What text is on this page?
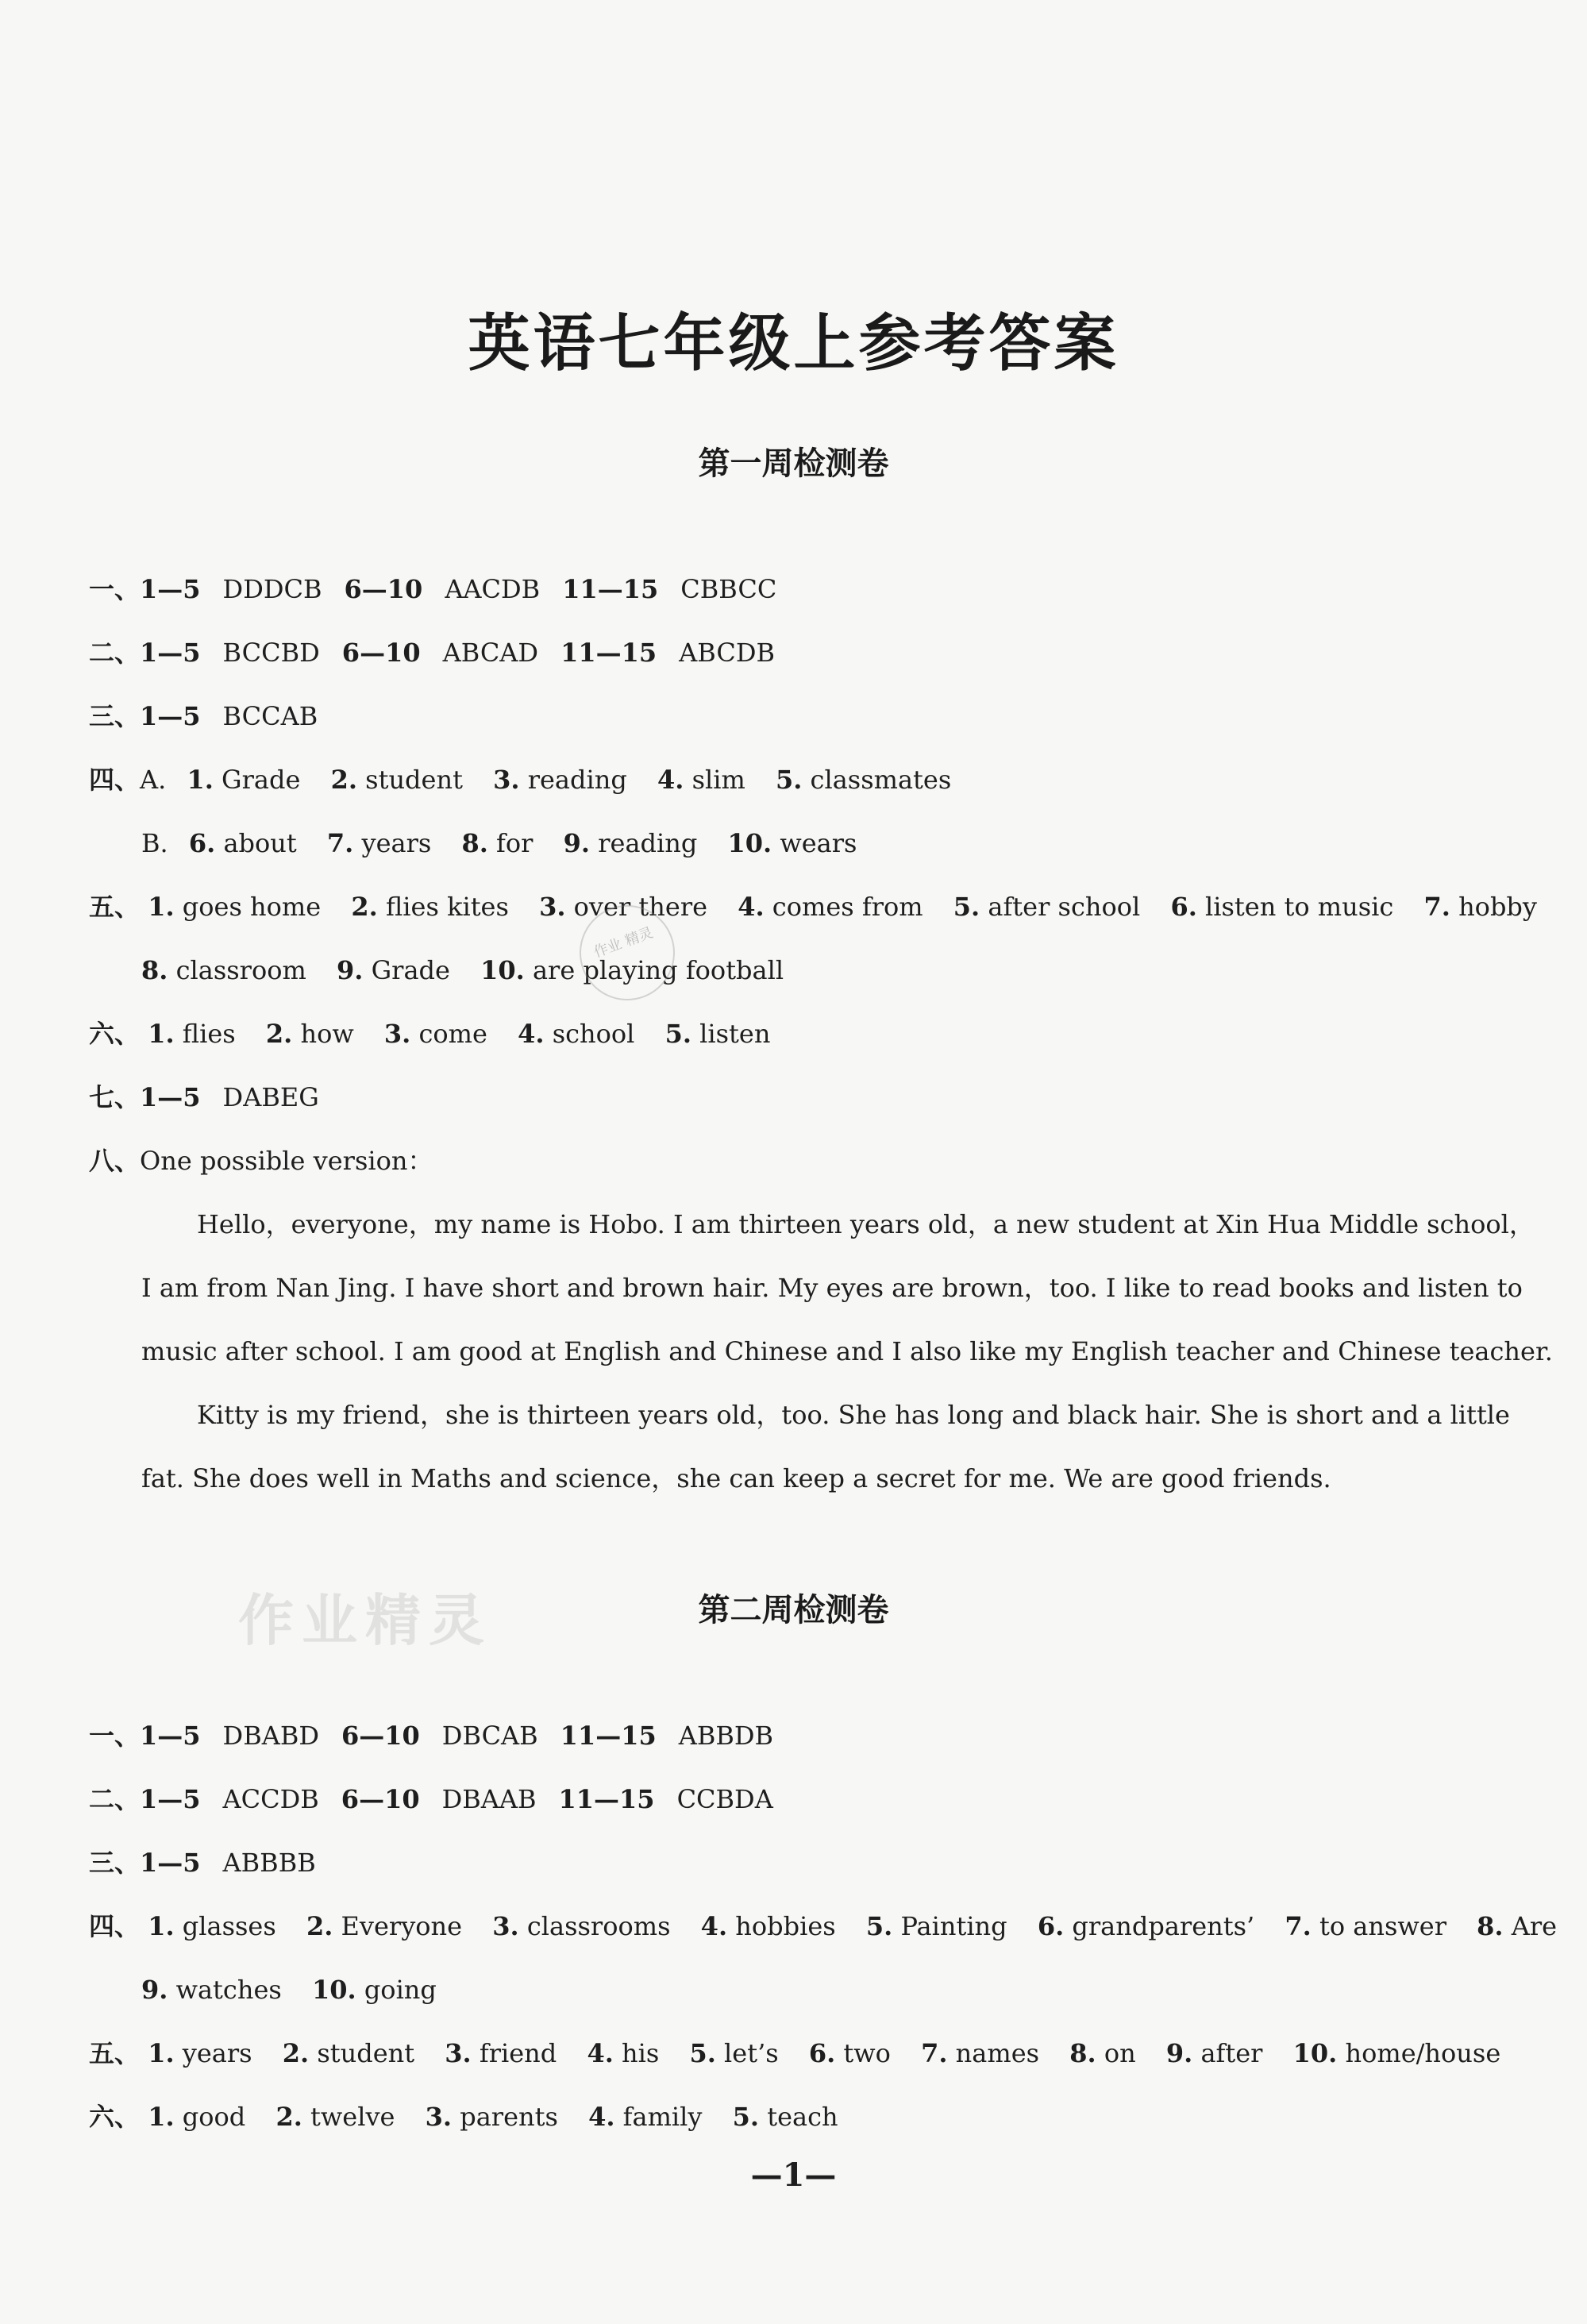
英语七年级上参考答案
第一周检测卷
一、1—5 DDDCB 6—10 AACDB 11—15 CBBCC
二、1—5 BCCBD 6—10 ABCAD 11—15 ABCDB
三、1—5 BCCAB
四、A. 1. Grade 2. student 3. reading 4. slim 5. classmates
B. 6. about 7. years 8. for 9. reading 10. wears
五、 1. goes home 2. flies kites 3. over there 4. comes from 5. after school 6. listen to music 7. hobby
8. classroom 9. Grade 10. are playing football
六、 1. flies 2. how 3. come 4. school 5. listen
七、1—5 DABEG
八、One possible version：
Hello，everyone，my name is Hobo. I am thirteen years old，a new student at Xin Hua Middle school，
I am from Nan Jing. I have short and brown hair. My eyes are brown，too. I like to read books and listen to
music after school. I am good at English and Chinese and I also like my English teacher and Chinese teacher.
Kitty is my friend，she is thirteen years old，too. She has long and black hair. She is short and a little
fat. She does well in Maths and science，she can keep a secret for me. We are good friends.
作业精灵	第二周检测卷
一、1—5 DBABD 6—10 DBCAB 11—15 ABBDB
二、1—5 ACCDB 6—10 DBAAB 11—15 CCBDA
三、1—5 ABBBB
四、 1. glasses 2. Everyone 3. classrooms 4. hobbies 5. Painting 6. grandparents’ 7. to answer 8. Are
9. watches 10. going
五、 1. years 2. student 3. friend 4. his 5. let’s 6. two 7. names 8. on 9. after 10. home/house
六、 1. good 2. twelve 3. parents 4. family 5. teach
作业 精灵
—1—
